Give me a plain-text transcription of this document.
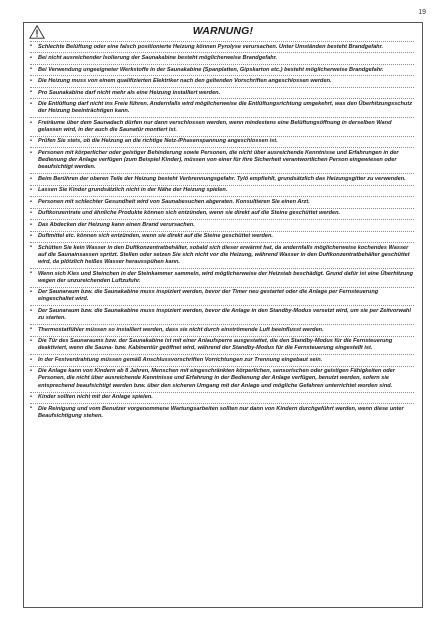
19
WARNUNG!
• Schlechte Belüftung oder eine falsch positionierte Heizung können Pyrolyse verursachen. Unter Umständen besteht Brandgefahr.
• Bei nicht ausreichender Isolierung der Saunakabine besteht möglicherweise Brandgefahr.
• Bei Verwendung ungeeigneter Werkstoffe in der Saunakabine (Spanplatten, Gipskarton etc.) besteht möglicherweise Brandgefahr.
• Die Heizung muss von einem qualifizierten Elektriker nach den geltenden Vorschriften angeschlossen werden.
• Pro Saunakabine darf nicht mehr als eine Heizung installiert werden.
• Die Entlüftung darf nicht ins Freie führen. Andernfalls wird möglicherweise die Entlüftungsrichtung umgekehrt, was den Überhitzungsschutz der Heizung beeinträchtigen kann.
• Freiräume über dem Saunadach dürfen nur dann verschlossen werden, wenn mindestens eine Belüftungsöffnung in derselben Wand gelassen wird, in der auch die Saunatür montiert ist.
• Prüfen Sie stets, ob die Heizung an die richtige Netz-/Phasenspannung angeschlossen ist.
• Personen mit körperlicher oder geistiger Behinderung sowie Personen, die nicht über ausreichende Kenntnisse und Erfahrungen in der Bedienung der Anlage verfügen (zum Beispiel Kinder), müssen von einer für ihre Sicherheit verantwortlichen Person eingewiesen oder beaufsichtigt werden.
• Beim Berühren der oberen Teile der Heizung besteht Verbrennungsgefahr. Tylö empfiehlt, grundsätzlich das Heizungsgitter zu verwenden.
• Lassen Sie Kinder grundsätzlich nicht in der Nähe der Heizung spielen.
• Personen mit schlechter Gesundheit wird von Saunabesuchen abgeraten. Konsultieren Sie einen Arzt.
• Duftkonzentrate und ähnliche Produkte können sich entzünden, wenn sie direkt auf die Steine geschüttet werden.
• Das Abdecken der Heizung kann einen Brand verursachen.
• Duftmittel etc. können sich entzünden, wenn sie direkt auf die Steine geschüttet werden.
• Schütten Sie kein Wasser in den Duftkonzentratbehälter, sobald sich dieser erwärmt hat, da andernfalls möglicherweise kochendes Wasser auf die Saunainsassen spritzt. Stellen oder setzen Sie sich nicht vor die Heizung, während Wasser in den Duftkonzentratbehälter geschüttet wird, da plötzlich heißes Wasser herausspühen kann.
• Wenn sich Kies und Steinchen in der Steinkammer sammeln, wird möglicherweise der Heizstab beschädigt. Grund dafür ist eine Überhitzung wegen der unzureichenden Luftzufuhr.
• Der Saunaraum bzw. die Saunakabine muss inspiziert werden, bevor der Timer neu gestartet oder die Anlage per Fernsteuerung eingeschaltet wird.
• Der Saunaraum bzw. die Saunakabine muss inspiziert werden, bevor die Anlage in den Standby-Modus versetzt wird, um sie per Zeitvorwahl zu starten.
• Thermostatfühler müssen so installiert werden, dass sie nicht durch einströmende Luft beeinflusst werden.
• Die Tür des Saunaraums bzw. der Saunakabine ist mit einer Anlaufsperre ausgestattet, die den Standby-Modus für die Fernsteuerung deaktiviert, wenn die Sauna- bzw. Kabinentür geöffnet wird, während der Standby-Modus für die Fernsteuerung eingestellt ist.
• In der Festverdrahtung müssen gemäß Anschlussvorschriften Vorrichtungen zur Trennung eingebaut sein.
• Die Anlage kann von Kindern ab 8 Jahren, Menschen mit eingeschränkten körperlichen, sensorischen oder geistigen Fähigkeiten oder Personen, die nicht über ausreichende Kenntnisse und Erfahrung in der Bedienung der Anlage verfügen, benutzt werden, sofern sie entsprechend beaufsichtigt werden bzw. über den sicheren Umgang mit der Anlage und mögliche Gefahren unterrichtet worden sind.
• Kinder sollten nicht mit der Anlage spielen.
• Die Reinigung und vom Benutzer vorgenommene Wartungsarbeiten sollten nur dann von Kindern durchgeführt werden, wenn diese unter Beaufsichtigung stehen.
